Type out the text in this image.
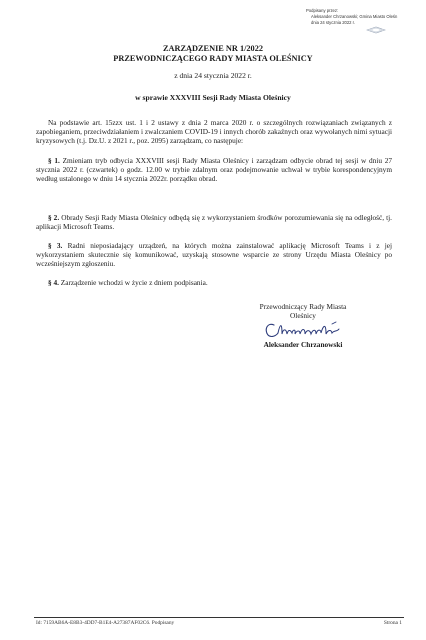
Podpisany przez:
Aleksander Chrzanowski; Gmina Miasto Oleśn
dnia 24 stycznia 2022 r.
ZARZĄDZENIE NR 1/2022
PRZEWODNICZĄCEGO RADY MIASTA OLEŚNICY
z dnia 24 stycznia 2022 r.
w sprawie XXXVIII Sesji Rady Miasta Oleśnicy
Na podstawie art. 15zzx ust. 1 i 2 ustawy z dnia 2 marca 2020 r. o szczególnych rozwiązaniach związanych z zapobieganiem, przeciwdziałaniem i zwalczaniem COVID-19 i innych chorób zakaźnych oraz wywołanych nimi sytuacji kryzysowych (t.j. Dz.U. z 2021 r., poz. 2095) zarządzam, co następuje:
§ 1. Zmieniam tryb odbycia XXXVIII sesji Rady Miasta Oleśnicy i zarządzam odbycie obrad tej sesji w dniu 27 stycznia 2022 r. (czwartek) o godz. 12.00 w trybie zdalnym oraz podejmowanie uchwał w trybie korespondencyjnym według ustalonego w dniu 14 stycznia 2022r. porządku obrad.
§ 2. Obrady Sesji Rady Miasta Oleśnicy odbędą się z wykorzystaniem środków porozumiewania się na odległość, tj. aplikacji Microsoft Teams.
§ 3. Radni nieposiadający urządzeń, na których można zainstalować aplikację Microsoft Teams i z jej wykorzystaniem skutecznie się komunikować, uzyskają stosowne wsparcie ze strony Urzędu Miasta Oleśnicy po wcześniejszym zgłoszeniu.
§ 4. Zarządzenie wchodzi w życie z dniem podpisania.
Przewodniczący Rady Miasta
Oleśnicy
Aleksander Chrzanowski
Id: 7159AB6A-E8B3-4DD7-B1E4-A27387AF02C6. Podpisany	Strona 1
